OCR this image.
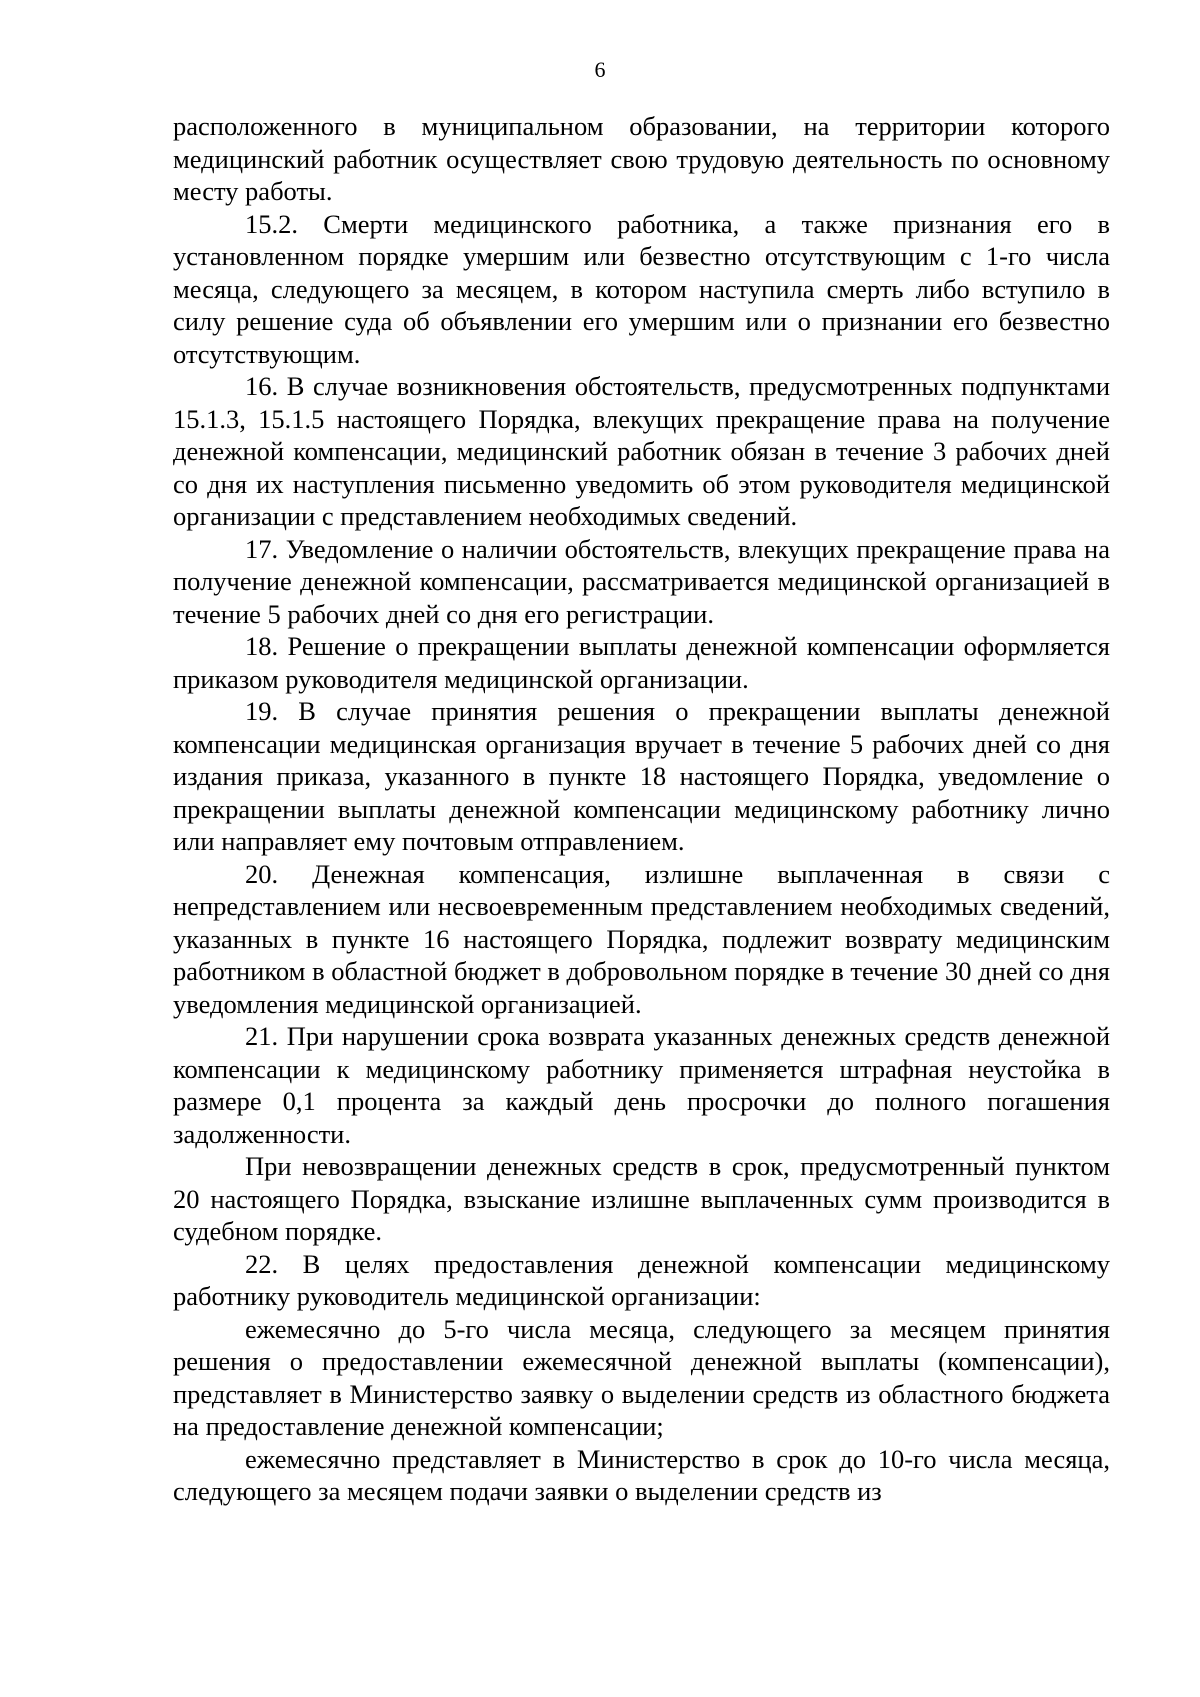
6

расположенного в муниципальном образовании, на территории которого медицинский работник осуществляет свою трудовую деятельность по основному месту работы.

15.2. Смерти медицинского работника, а также признания его в установленном порядке умершим или безвестно отсутствующим с 1-го числа месяца, следующего за месяцем, в котором наступила смерть либо вступило в силу решение суда об объявлении его умершим или о признании его безвестно отсутствующим.

16. В случае возникновения обстоятельств, предусмотренных подпунктами 15.1.3, 15.1.5 настоящего Порядка, влекущих прекращение права на получение денежной компенсации, медицинский работник обязан в течение 3 рабочих дней со дня их наступления письменно уведомить об этом руководителя медицинской организации с представлением необходимых сведений.

17. Уведомление о наличии обстоятельств, влекущих прекращение права на получение денежной компенсации, рассматривается медицинской организацией в течение 5 рабочих дней со дня его регистрации.

18. Решение о прекращении выплаты денежной компенсации оформляется приказом руководителя медицинской организации.

19. В случае принятия решения о прекращении выплаты денежной компенсации медицинская организация вручает в течение 5 рабочих дней со дня издания приказа, указанного в пункте 18 настоящего Порядка, уведомление о прекращении выплаты денежной компенсации медицинскому работнику лично или направляет ему почтовым отправлением.

20. Денежная компенсация, излишне выплаченная в связи с непредставлением или несвоевременным представлением необходимых сведений, указанных в пункте 16 настоящего Порядка, подлежит возврату медицинским работником в областной бюджет в добровольном порядке в течение 30 дней со дня уведомления медицинской организацией.

21. При нарушении срока возврата указанных денежных средств денежной компенсации к медицинскому работнику применяется штрафная неустойка в размере 0,1 процента за каждый день просрочки до полного погашения задолженности.

При невозвращении денежных средств в срок, предусмотренный пунктом 20 настоящего Порядка, взыскание излишне выплаченных сумм производится в судебном порядке.

22. В целях предоставления денежной компенсации медицинскому работнику руководитель медицинской организации:

ежемесячно до 5-го числа месяца, следующего за месяцем принятия решения о предоставлении ежемесячной денежной выплаты (компенсации), представляет в Министерство заявку о выделении средств из областного бюджета на предоставление денежной компенсации;

ежемесячно представляет в Министерство в срок до 10-го числа месяца, следующего за месяцем подачи заявки о выделении средств из
